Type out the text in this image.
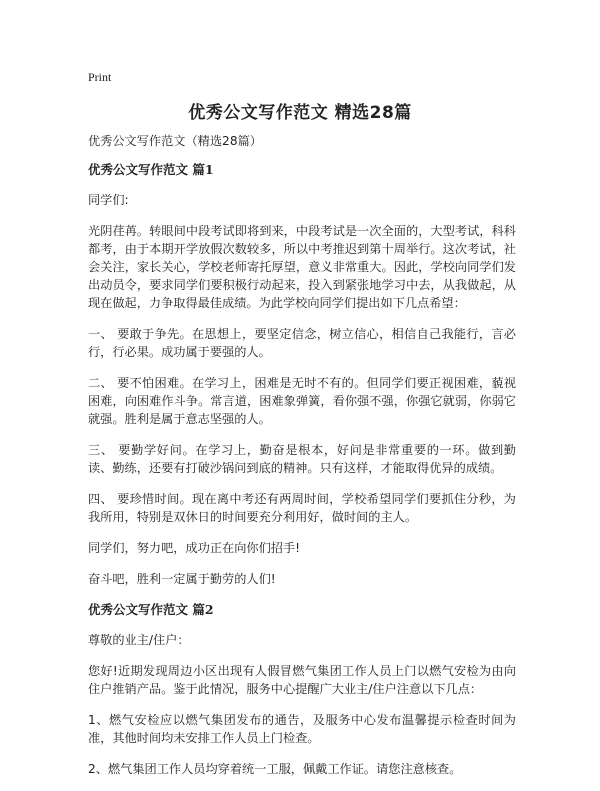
Print
优秀公文写作范文 精选28篇

优秀公文写作范文（精选28篇）

优秀公文写作范文 篇1

同学们:

光阴荏苒。转眼间中段考试即将到来，中段考试是一次全面的，大型考试，科科都考，由于本期开学放假次数较多，所以中考推迟到第十周举行。这次考试，社会关注，家长关心，学校老师寄托厚望，意义非常重大。因此，学校向同学们发出动员令，要求同学们要积极行动起来，投入到紧张地学习中去，从我做起，从现在做起，力争取得最佳成绩。为此学校向同学们提出如下几点希望：

一、 要敢于争先。在思想上，要坚定信念，树立信心，相信自己我能行，言必行，行必果。成功属于要强的人。

二、 要不怕困难。在学习上，困难是无时不有的。但同学们要正视困难，藐视困难，向困难作斗争。常言道，困难象弹簧，看你强不强，你强它就弱，你弱它就强。胜利是属于意志坚强的人。

三、 要勤学好问。在学习上，勤奋是根本，好问是非常重要的一环。做到勤读、勤练，还要有打破沙锅问到底的精神。只有这样，才能取得优异的成绩。

四、 要珍惜时间。现在离中考还有两周时间，学校希望同学们要抓住分秒，为我所用，特别是双休日的时间要充分利用好，做时间的主人。

同学们，努力吧，成功正在向你们招手!

奋斗吧，胜利一定属于勤劳的人们!

优秀公文写作范文 篇2

尊敬的业主/住户：

您好!近期发现周边小区出现有人假冒燃气集团工作人员上门以燃气安检为由向住户推销产品。鉴于此情况，服务中心提醒广大业主/住户注意以下几点：

1、燃气安检应以燃气集团发布的通告，及服务中心发布温馨提示检查时间为准，其他时间均未安排工作人员上门检查。

2、燃气集团工作人员均穿着统一工服，佩戴工作证。请您注意核查。
